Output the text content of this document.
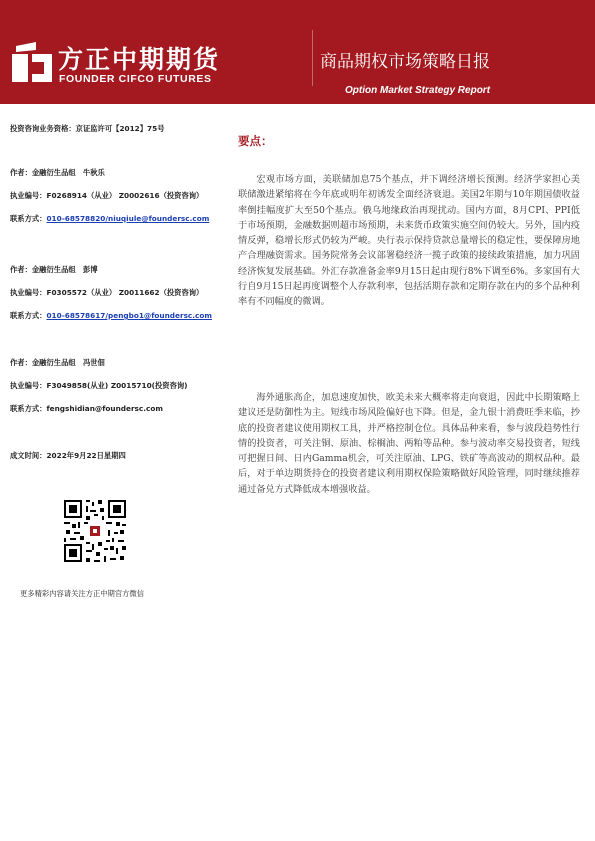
方正中期期货
FOUNDER CIFCO FUTURES
商品期权市场策略日报
Option Market Strategy Report
投资咨询业务资格：京证监许可【2012】75号
作者：金融衍生品组　牛秋乐
执业编号：F0268914（从业） Z0002616（投资咨询）
联系方式：010-68578820/niuqiule@foundersc.com
作者：金融衍生品组　彭博
执业编号：F0305572（从业） Z0011662（投资咨询）
联系方式：010-68578617/pengbo1@foundersc.com
作者：金融衍生品组　冯世佃
执业编号：F3049858(从业) Z0015710(投资咨询)
联系方式：fengshidian@foundersc.com
成文时间：2022年9月22日星期四
更多精彩内容请关注方正中期官方微信
要点：

宏观市场方面，美联储加息75个基点，并下调经济增长预测。经济学家担心美联储激进紧缩将在今年底或明年初诱发全面经济衰退。美国2年期与10年期国债收益率倒挂幅度扩大至50个基点。俄乌地缘政治再现扰动。国内方面，8月CPI、PPI低于市场预期，金融数据则超市场预期，未来货币政策实施空间仍较大。另外，国内疫情反弹，稳增长形式仍较为严峻。央行表示保持贷款总量增长的稳定性，要保障房地产合理融资需求。国务院常务会议部署稳经济一揽子政策的接续政策措施，加力巩固经济恢复发展基础。外汇存款准备金率9月15日起由现行8%下调至6%。多家国有大行自9月15日起再度调整个人存款利率，包括活期存款和定期存款在内的多个品种利率有不同幅度的微调。

海外通胀高企，加息速度加快，欧美未来大概率将走向衰退，因此中长期策略上建议还是防御性为主。短线市场风险偏好也下降。但是，金九银十消费旺季来临，抄底的投资者建议使用期权工具，并严格控制仓位。具体品种来看，参与波段趋势性行情的投资者，可关注铜、原油、棕榈油、两粕等品种。参与波动率交易投资者，短线可把握日间、日内Gamma机会，可关注原油、LPG、铁矿等高波动的期权品种。最后，对于单边期货持仓的投资者建议利用期权保险策略做好风险管理，同时继续推荐通过备兑方式降低成本增强收益。
